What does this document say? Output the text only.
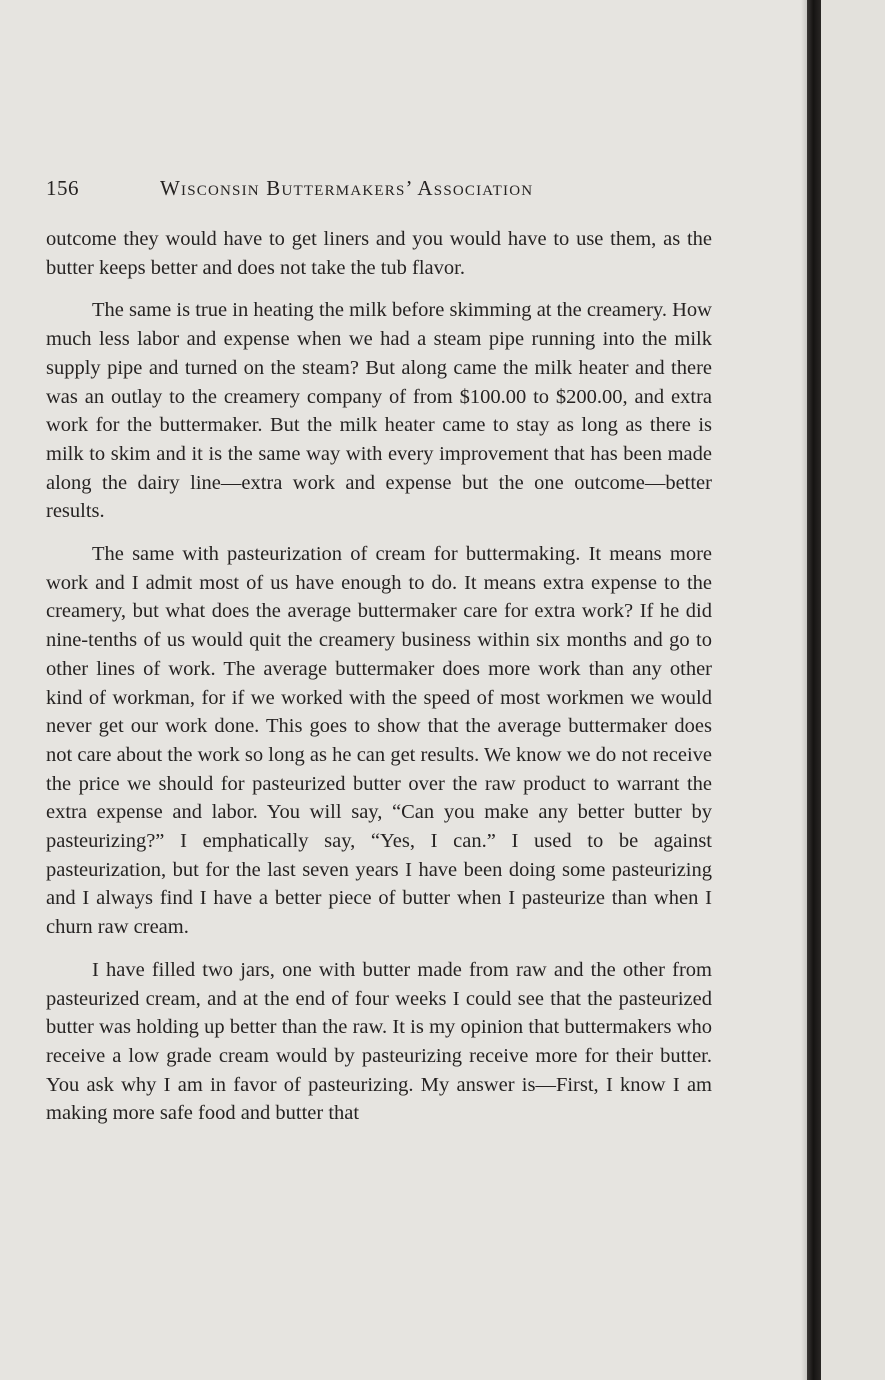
156	Wisconsin Buttermakers’ Association

outcome they would have to get liners and you would have to use them, as the butter keeps better and does not take the tub flavor.

The same is true in heating the milk before skimming at the creamery. How much less labor and expense when we had a steam pipe running into the milk supply pipe and turned on the steam? But along came the milk heater and there was an outlay to the creamery company of from $100.00 to $200.00, and extra work for the buttermaker. But the milk heater came to stay as long as there is milk to skim and it is the same way with every improvement that has been made along the dairy line—extra work and expense but the one outcome—better results.

The same with pasteurization of cream for buttermaking. It means more work and I admit most of us have enough to do. It means extra expense to the creamery, but what does the average buttermaker care for extra work? If he did nine-tenths of us would quit the creamery business within six months and go to other lines of work. The average buttermaker does more work than any other kind of workman, for if we worked with the speed of most workmen we would never get our work done. This goes to show that the average buttermaker does not care about the work so long as he can get results. We know we do not receive the price we should for pasteurized butter over the raw product to warrant the extra expense and labor. You will say, “Can you make any better butter by pasteurizing?” I emphatically say, “Yes, I can.” I used to be against pasteurization, but for the last seven years I have been doing some pasteurizing and I always find I have a better piece of butter when I pasteurize than when I churn raw cream.

I have filled two jars, one with butter made from raw and the other from pasteurized cream, and at the end of four weeks I could see that the pasteurized butter was holding up better than the raw. It is my opinion that buttermakers who receive a low grade cream would by pasteurizing receive more for their butter. You ask why I am in favor of pasteurizing. My answer is—First, I know I am making more safe food and butter that
